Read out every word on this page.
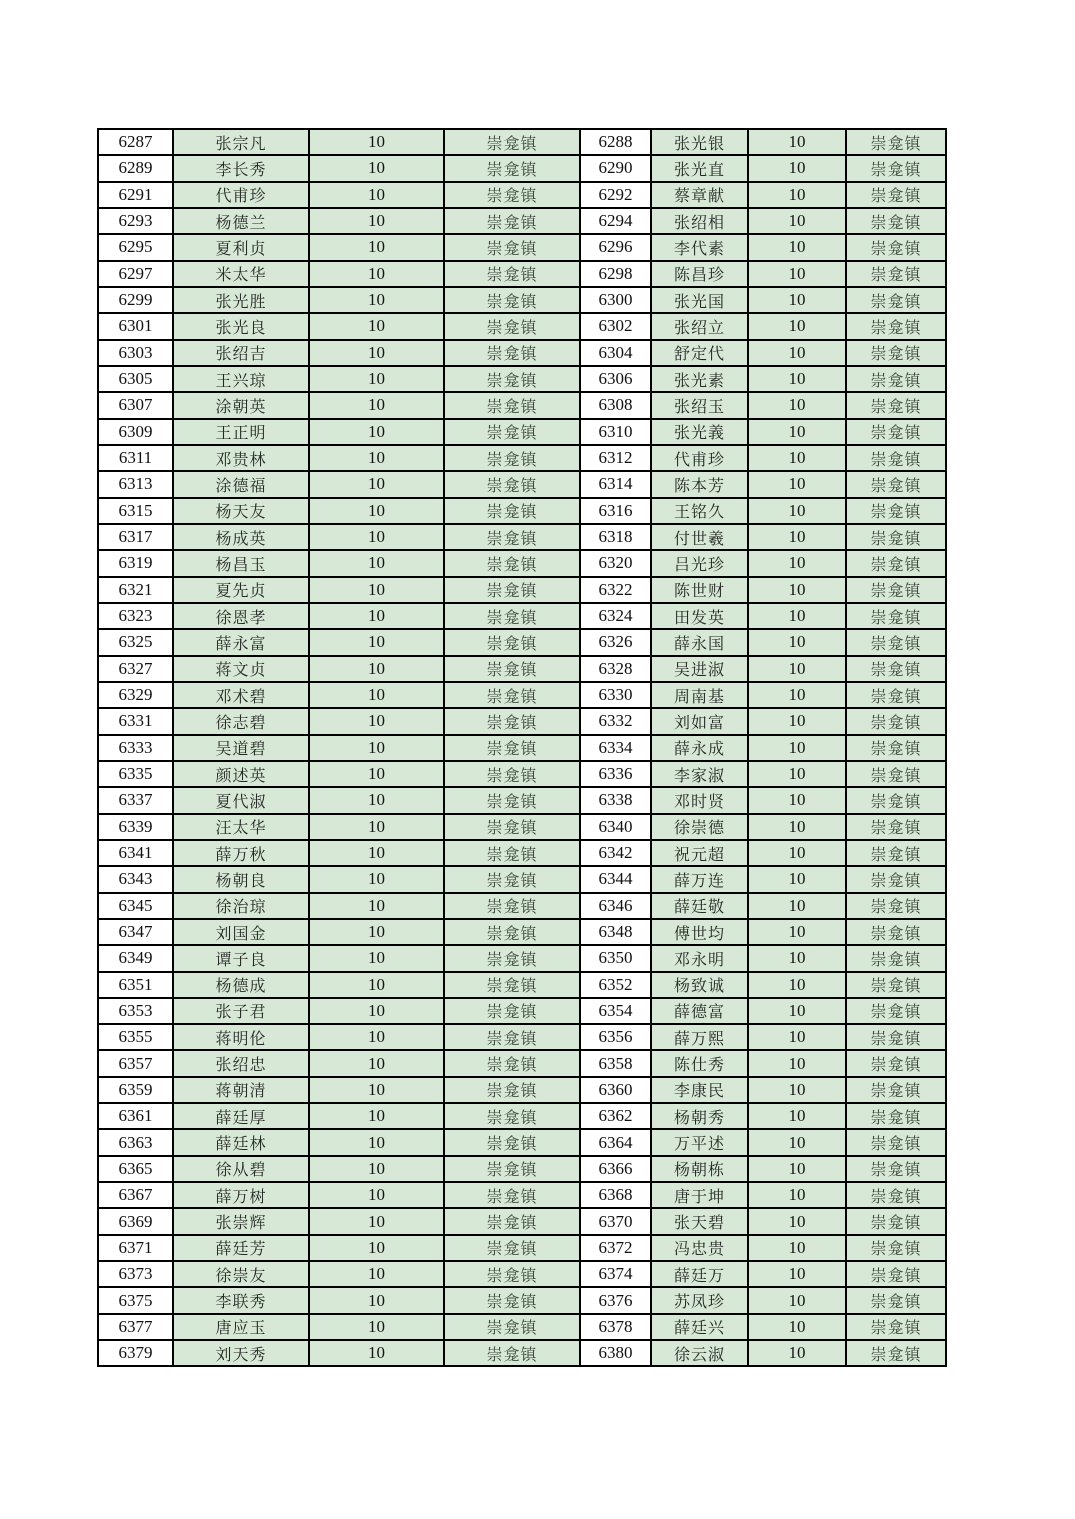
6287	张宗凡	10	崇龛镇	6288	张光银	10	崇龛镇
6289	李长秀	10	崇龛镇	6290	张光直	10	崇龛镇
6291	代甫珍	10	崇龛镇	6292	蔡章献	10	崇龛镇
6293	杨德兰	10	崇龛镇	6294	张绍相	10	崇龛镇
6295	夏利贞	10	崇龛镇	6296	李代素	10	崇龛镇
6297	米太华	10	崇龛镇	6298	陈昌珍	10	崇龛镇
6299	张光胜	10	崇龛镇	6300	张光国	10	崇龛镇
6301	张光良	10	崇龛镇	6302	张绍立	10	崇龛镇
6303	张绍吉	10	崇龛镇	6304	舒定代	10	崇龛镇
6305	王兴琼	10	崇龛镇	6306	张光素	10	崇龛镇
6307	涂朝英	10	崇龛镇	6308	张绍玉	10	崇龛镇
6309	王正明	10	崇龛镇	6310	张光義	10	崇龛镇
6311	邓贵林	10	崇龛镇	6312	代甫珍	10	崇龛镇
6313	涂德福	10	崇龛镇	6314	陈本芳	10	崇龛镇
6315	杨天友	10	崇龛镇	6316	王铭久	10	崇龛镇
6317	杨成英	10	崇龛镇	6318	付世羲	10	崇龛镇
6319	杨昌玉	10	崇龛镇	6320	吕光珍	10	崇龛镇
6321	夏先贞	10	崇龛镇	6322	陈世财	10	崇龛镇
6323	徐恩孝	10	崇龛镇	6324	田发英	10	崇龛镇
6325	薛永富	10	崇龛镇	6326	薛永国	10	崇龛镇
6327	蒋文贞	10	崇龛镇	6328	吴进淑	10	崇龛镇
6329	邓术碧	10	崇龛镇	6330	周南基	10	崇龛镇
6331	徐志碧	10	崇龛镇	6332	刘如富	10	崇龛镇
6333	吴道碧	10	崇龛镇	6334	薛永成	10	崇龛镇
6335	颜述英	10	崇龛镇	6336	李家淑	10	崇龛镇
6337	夏代淑	10	崇龛镇	6338	邓时贤	10	崇龛镇
6339	汪太华	10	崇龛镇	6340	徐崇德	10	崇龛镇
6341	薛万秋	10	崇龛镇	6342	祝元超	10	崇龛镇
6343	杨朝良	10	崇龛镇	6344	薛万连	10	崇龛镇
6345	徐治琼	10	崇龛镇	6346	薛廷敬	10	崇龛镇
6347	刘国金	10	崇龛镇	6348	傅世均	10	崇龛镇
6349	谭子良	10	崇龛镇	6350	邓永明	10	崇龛镇
6351	杨德成	10	崇龛镇	6352	杨致诚	10	崇龛镇
6353	张子君	10	崇龛镇	6354	薛德富	10	崇龛镇
6355	蒋明伦	10	崇龛镇	6356	薛万熙	10	崇龛镇
6357	张绍忠	10	崇龛镇	6358	陈仕秀	10	崇龛镇
6359	蒋朝清	10	崇龛镇	6360	李康民	10	崇龛镇
6361	薛廷厚	10	崇龛镇	6362	杨朝秀	10	崇龛镇
6363	薛廷林	10	崇龛镇	6364	万平述	10	崇龛镇
6365	徐从碧	10	崇龛镇	6366	杨朝栋	10	崇龛镇
6367	薛万树	10	崇龛镇	6368	唐于坤	10	崇龛镇
6369	张崇辉	10	崇龛镇	6370	张天碧	10	崇龛镇
6371	薛廷芳	10	崇龛镇	6372	冯忠贵	10	崇龛镇
6373	徐崇友	10	崇龛镇	6374	薛廷万	10	崇龛镇
6375	李联秀	10	崇龛镇	6376	苏凤珍	10	崇龛镇
6377	唐应玉	10	崇龛镇	6378	薛廷兴	10	崇龛镇
6379	刘天秀	10	崇龛镇	6380	徐云淑	10	崇龛镇
